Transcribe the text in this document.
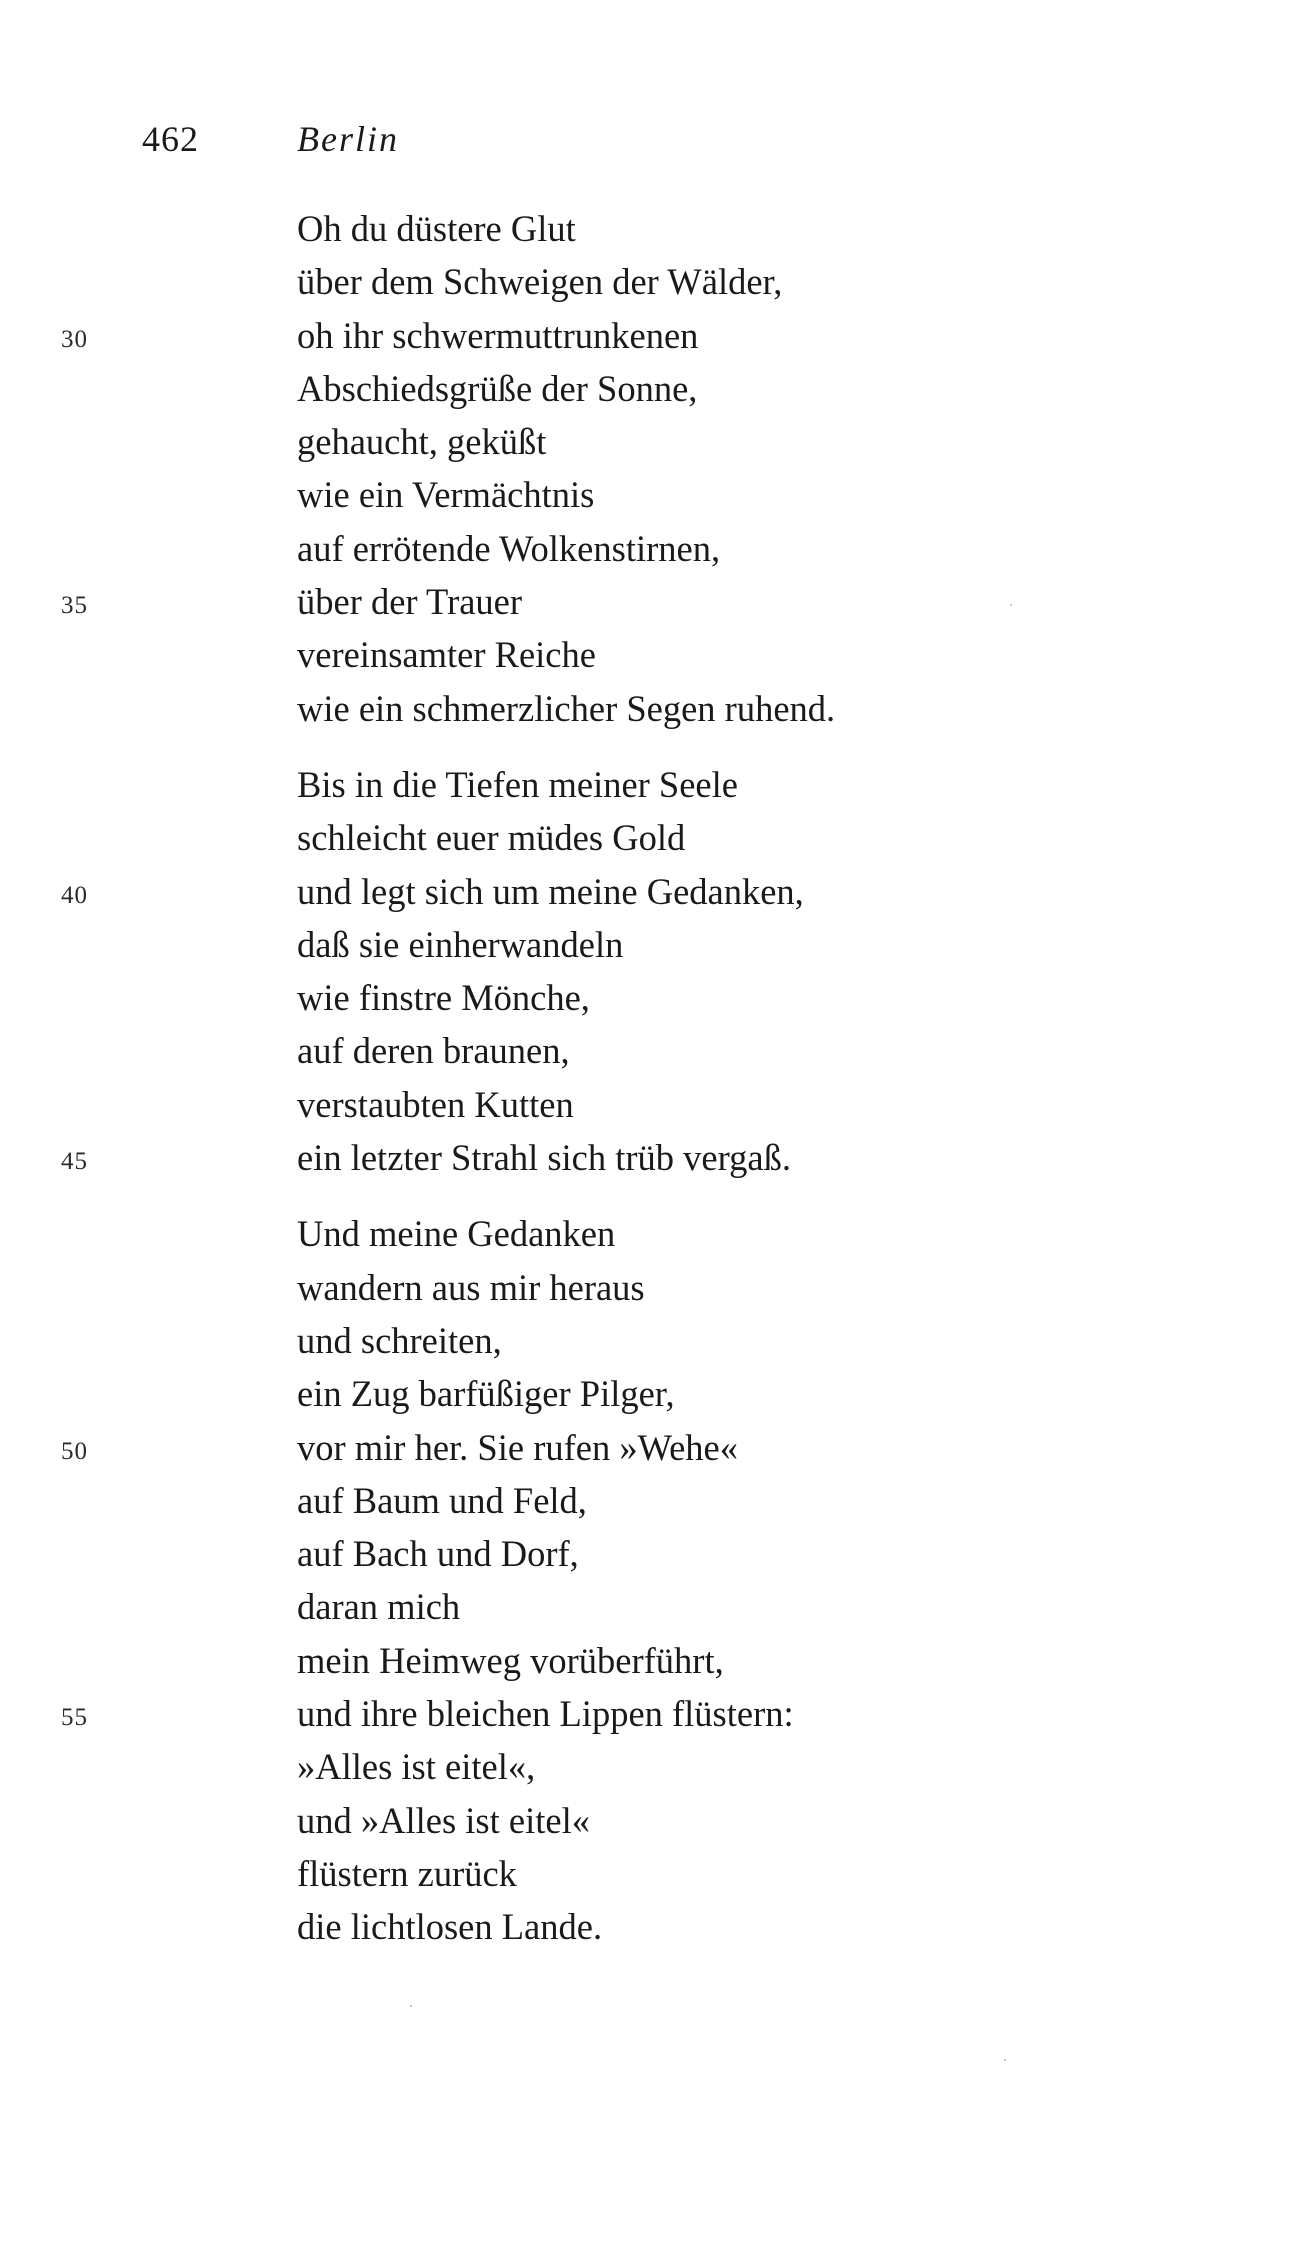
462	Berlin
Oh du düstere Glut
über dem Schweigen der Wälder,
oh ihr schwermuttrunkenen
30
Abschiedsgrüße der Sonne,
gehaucht, geküßt
wie ein Vermächtnis
auf errötende Wolkenstirnen,
über der Trauer
35
vereinsamter Reiche
wie ein schmerzlicher Segen ruhend.
Bis in die Tiefen meiner Seele
schleicht euer müdes Gold
und legt sich um meine Gedanken,
40
daß sie einherwandeln
wie finstre Mönche,
auf deren braunen,
verstaubten Kutten
ein letzter Strahl sich trüb vergaß.
45
Und meine Gedanken
wandern aus mir heraus
und schreiten,
ein Zug barfüßiger Pilger,
vor mir her. Sie rufen »Wehe«
50
auf Baum und Feld,
auf Bach und Dorf,
daran mich
mein Heimweg vorüberführt,
und ihre bleichen Lippen flüstern:
55
»Alles ist eitel«,
und »Alles ist eitel«
flüstern zurück
die lichtlosen Lande.
